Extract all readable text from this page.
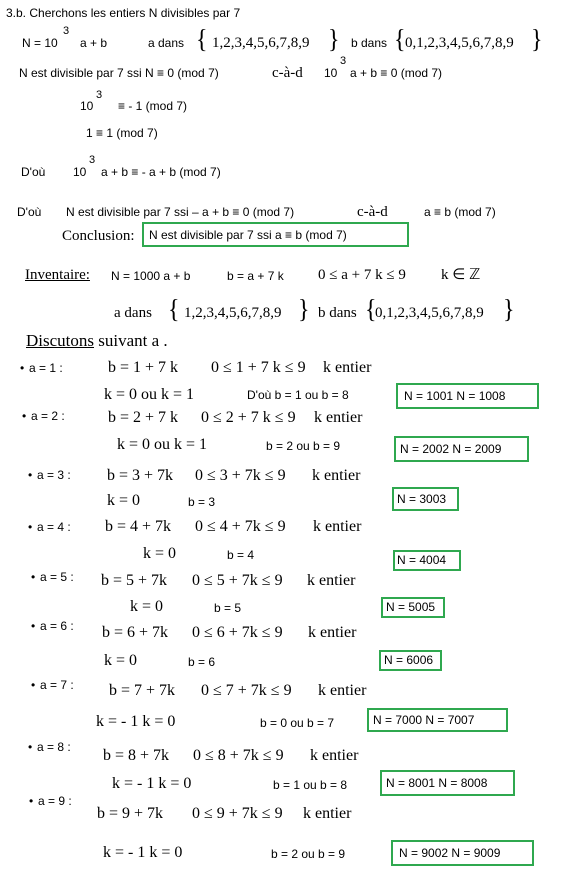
3.b. Cherchons les entiers N divisibles par 7
N = 10
3
a + b	a dans { 1,2,3,4,5,6,7,8,9 } b dans { 0,1,2,3,4,5,6,7,8,9 }
N est divisible par 7 ssi N ≡ 0 (mod 7)	c-à-d 10
3
a + b ≡ 0 (mod 7)
10
3
≡ - 1 (mod 7)
1 ≡ 1 (mod 7)
D'où 10
3
a + b ≡ - a + b (mod 7)
D'où N est divisible par 7 ssi – a + b ≡ 0 (mod 7)	c-à-d	a ≡ b (mod 7)
Conclusion: N est divisible par 7 ssi a ≡ b (mod 7)
Inventaire: N = 1000 a + b	b = a + 7 k 0 ≤ a + 7 k ≤ 9 k ∈ ℤ
a dans { 1,2,3,4,5,6,7,8,9 } b dans {
0,1,2,3,4,5,6,7,8,9 }
Discutons suivant a .
a = 1 :	b = 1 + 7 k 0 ≤ 1 + 7 k ≤ 9 k entier
k = 0 ou k = 1	D'où b = 1 ou b = 8	N = 1001 N = 1008
a = 2 :	b = 2 + 7 k 0 ≤ 2 + 7 k ≤ 9 k entier
k = 0 ou k = 1	b = 2 ou b = 9	N = 2002 N = 2009
a = 3 : b = 3 + 7k 0 ≤ 3 + 7k ≤ 9 k entier
k = 0	b = 3	N = 3003
a = 4 : b = 4 + 7k 0 ≤ 4 + 7k ≤ 9 k entier
k = 0	b = 4	N = 4004
a = 5 : b = 5 + 7k 0 ≤ 5 + 7k ≤ 9 k entier
k = 0	b = 5	N = 5005
a = 6 : b = 6 + 7k 0 ≤ 6 + 7k ≤ 9 k entier
k = 0	b = 6	N = 6006
a = 7 : b = 7 + 7k 0 ≤ 7 + 7k ≤ 9 k entier
k = - 1 k = 0	b = 0 ou b = 7	N = 7000 N = 7007
a = 8 : b = 8 + 7k 0 ≤ 8 + 7k ≤ 9 k entier
k = - 1 k = 0	b = 1 ou b = 8	N = 8001 N = 8008
a = 9 :
b = 9 + 7k 0 ≤ 9 + 7k ≤ 9 k entier
k = - 1 k = 0	b = 2 ou b = 9	N = 9002 N = 9009
•
•
•
•
•
•
•
•
•
